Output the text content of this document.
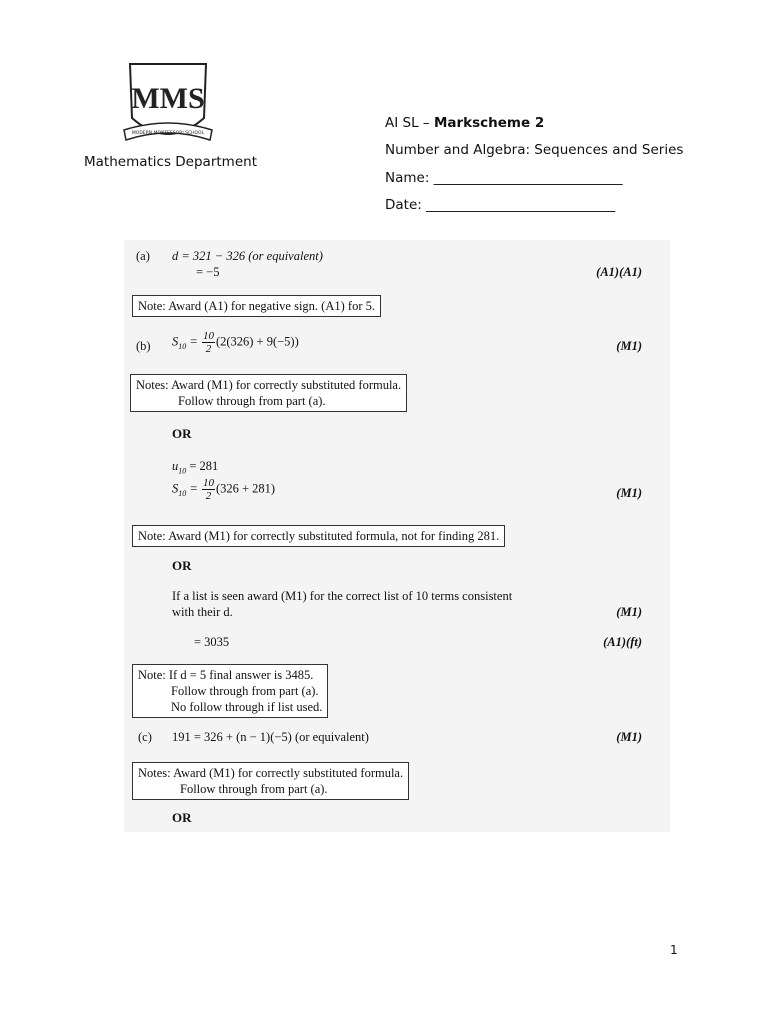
MMS
MODERN MONTESSORI SCHOOL
Mathematics Department
AI SL – Markscheme 2
Number and Algebra: Sequences and Series
Name: ____________________________
Date: ____________________________
(a) d = 321 − 326 (or equivalent)
= −5	(A1)(A1)
Note: Award (A1) for negative sign. (A1) for 5.
(b) $S_{10} = \frac{10}{2} (2(326) + 9(-5))$	(M1)
Notes: Award (M1) for correctly substituted formula.
Follow through from part (a).
OR
$u_{10} = 281$
$S_{10} = \frac{10}{2} (326 + 281)$	(M1)
Note: Award (M1) for correctly substituted formula, not for finding 281.
OR
If a list is seen award (M1) for the correct list of 10 terms consistent
with their d.	(M1)
= 3035	(A1)(ft)
Note: If d = 5 final answer is 3485.
Follow through from part (a).
No follow through if list used.
(c) 191 = 326 + (n − 1)(−5) (or equivalent)	(M1)
Notes: Award (M1) for correctly substituted formula.
Follow through from part (a).
OR
1
